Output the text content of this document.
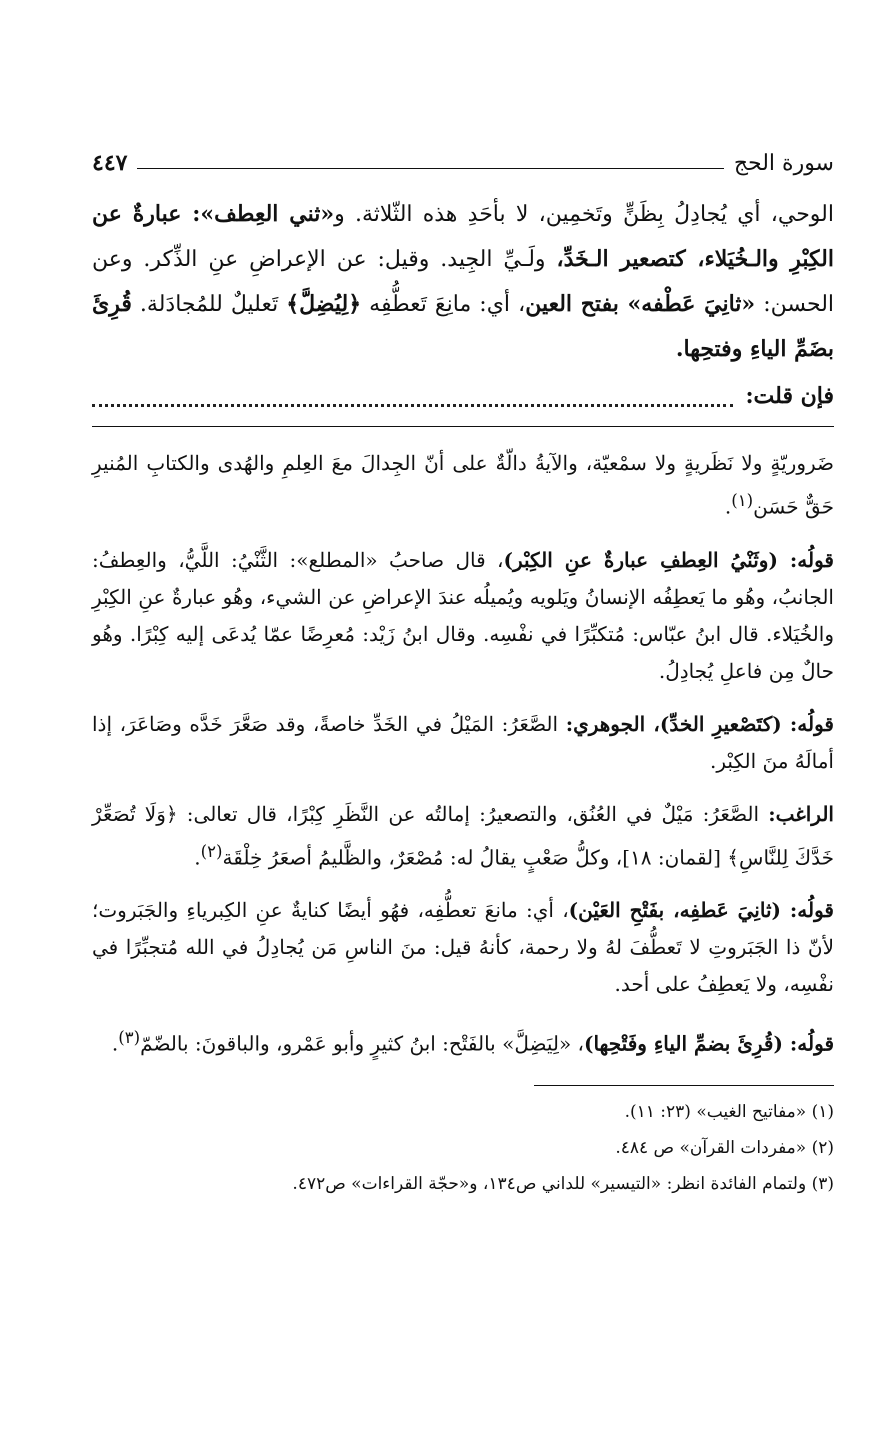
سورة الحج
٤٤٧
الوحي، أي يُجادِلُ بِظَنٍّ وتَخمِين، لا بأحَدِ هذه الثّلاثة. و«ثني العِطف»: عبارةٌ عن الكِبْرِ والـخُيَلاء، كتصعير الـخَدِّ، ولَـيِّ الجِيد. وقيل: عن الإعراضِ عنِ الذِّكر. وعن الحسن: «ثانِيَ عَطْفه» بفتح العين، أي: مانِعَ تَعطُّفِه ﴿لِيُضِلَّ﴾ تَعليلٌ للمُجادَلة. قُرِئَ بضَمِّ الياءِ وفتحِها.
فإن قلت:

ضَروريّةٍ ولا نَظَريةٍ ولا سمْعيّة، والآيةُ دالّةٌ على أنّ الجِدالَ معَ العِلمِ والهُدى والكتابِ المُنيرِ حَقٌّ حَسَن$^{(١)}$.

قولُه: (وثَنْيُ العِطفِ عبارةٌ عنِ الكِبْر)، قال صاحبُ «المطلع»: الثَّنْيُ: اللَّيُّ، والعِطفُ: الجانبُ، وهُو ما يَعطِفُه الإنسانُ ويَلويه ويُميلُه عندَ الإعراضِ عن الشيء، وهُو عبارةٌ عنِ الكِبْرِ والخُيَلاء. قال ابنُ عبّاس: مُتكبِّرًا في نفْسِه. وقال ابنُ زَيْد: مُعرِضًا عمّا يُدعَى إليه كِبْرًا. وهُو حالٌ مِن فاعلِ يُجادِلُ.

قولُه: (كتَصْعيرِ الخدِّ)، الجوهري: الصَّعَرُ: المَيْلُ في الخَدِّ خاصةً، وقد صَعَّرَ خَدَّه وصَاعَرَ، إذا أمالَهُ منَ الكِبْر.

الراغب: الصَّعَرُ: مَيْلٌ في العُنُق، والتصعيرُ: إمالتُه عن النَّظَرِ كِبْرًا، قال تعالى: ﴿وَلَا تُصَعِّرْ خَدَّكَ لِلنَّاسِ﴾ [لقمان: ١٨]، وكلُّ صَعْبٍ يقالُ له: مُصْعَرٌ، والظَّليمُ أصعَرُ خِلْقَة$^{(٢)}$.

قولُه: (ثانِيَ عَطفِه، بفَتْحِ العَيْن)، أي: مانعَ تعطُّفِه، فهُو أيضًا كنايةٌ عنِ الكِبرياءِ والجَبَروت؛ لأنّ ذا الجَبَروتِ لا تَعطُّفَ لهُ ولا رحمة، كأنهُ قيل: منَ الناسِ مَن يُجادِلُ في الله مُتجبِّرًا في نفْسِه، ولا يَعطِفُ على أحد.

قولُه: (قُرِئَ بضمِّ الياءِ وفَتْحِها)، «لِيَضِلَّ» بالفَتْح: ابنُ كثيرٍ وأبو عَمْرو، والباقونَ: بالضّمّ$^{(٣)}$.

(١) «مفاتيح الغيب» (٢٣: ١١).

(٢) «مفردات القرآن» ص ٤٨٤.

(٣) ولتمام الفائدة انظر: «التيسير» للداني ص١٣٤، و«حجّة القراءات» ص٤٧٢.
